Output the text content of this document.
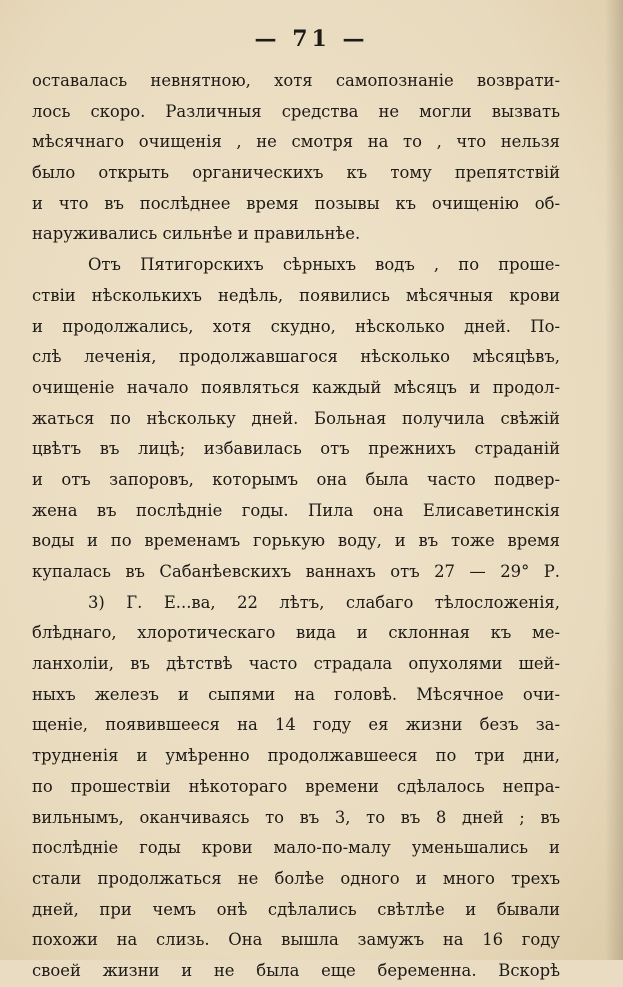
— 71 —
оставалась невнятною, хотя самопознаніе возврати-
лось скоро. Различныя средства не могли вызвать
мѣсячнаго очищенія , не смотря на то , что нельзя
было открыть органическихъ къ тому препятствій
и что въ послѣднее время позывы къ очищенію об-
наруживались сильнѣе и правильнѣе.
Отъ Пятигорскихъ сѣрныхъ водъ , по проше-
ствіи нѣсколькихъ недѣль, появились мѣсячныя крови
и продолжались, хотя скудно, нѣсколько дней. По-
слѣ леченія, продолжавшагося нѣсколько мѣсяцѣвъ,
очищеніе начало появляться каждый мѣсяцъ и продол-
жаться по нѣскольку дней. Больная получила свѣжій
цвѣтъ въ лицѣ; избавилась отъ прежнихъ страданій
и отъ запоровъ, которымъ она была часто подвер-
жена въ послѣдніе годы. Пила она Елисаветинскія
воды и по временамъ горькую воду, и въ тоже время
купалась въ Сабанѣевскихъ ваннахъ отъ 27 — 29° Р.
3) Г. Е...ва, 22 лѣтъ, слабаго тѣлосложенія,
блѣднаго, хлоротическаго вида и склонная къ ме-
ланхоліи, въ дѣтствѣ часто страдала опухолями шей-
ныхъ железъ и сыпями на головѣ. Мѣсячное очи-
щеніе, появившееся на 14 году ея жизни безъ за-
трудненія и умѣренно продолжавшееся по три дни,
по прошествіи нѣкотораго времени сдѣлалось непра-
вильнымъ, оканчиваясь то въ 3, то въ 8 дней ; въ
послѣдніе годы крови мало-по-малу уменьшались и
стали продолжаться не болѣе одного и много трехъ
дней, при чемъ онѣ сдѣлались свѣтлѣе и бывали
похожи на слизь. Она вышла замужъ на 16 году
своей жизни и не была еще беременна. Вскорѣ
